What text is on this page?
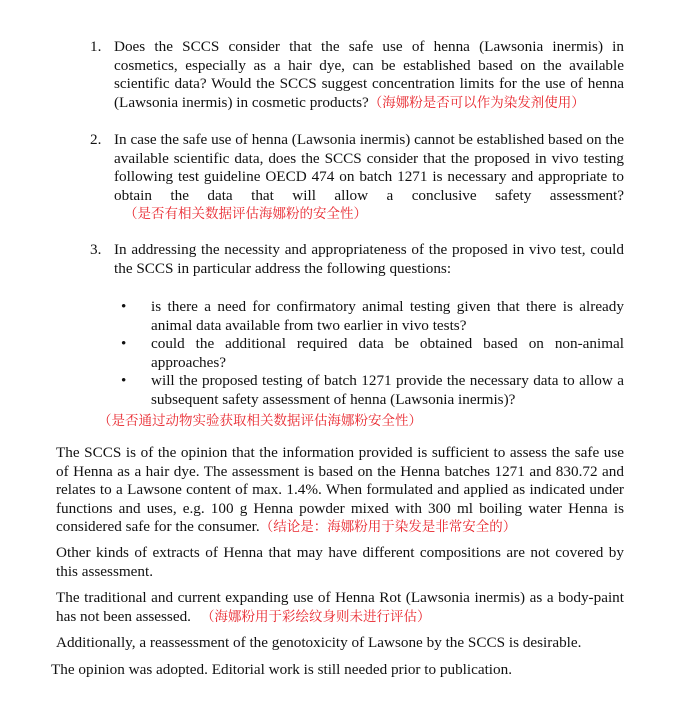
1. Does the SCCS consider that the safe use of henna (Lawsonia inermis) in cosmetics, especially as a hair dye, can be established based on the available scientific data? Would the SCCS suggest concentration limits for the use of henna (Lawsonia inermis) in cosmetic products?（海娜粉是否可以作为染发剂使用）
2. In case the safe use of henna (Lawsonia inermis) cannot be established based on the available scientific data, does the SCCS consider that the proposed in vivo testing following test guideline OECD 474 on batch 1271 is necessary and appropriate to obtain the data that will allow a conclusive safety assessment?（是否有相关数据评估海娜粉的安全性）
3. In addressing the necessity and appropriateness of the proposed in vivo test, could the SCCS in particular address the following questions:
• is there a need for confirmatory animal testing given that there is already animal data available from two earlier in vivo tests?
• could the additional required data be obtained based on non-animal approaches?
• will the proposed testing of batch 1271 provide the necessary data to allow a subsequent safety assessment of henna (Lawsonia inermis)?
（是否通过动物实验获取相关数据评估海娜粉安全性）
The SCCS is of the opinion that the information provided is sufficient to assess the safe use of Henna as a hair dye. The assessment is based on the Henna batches 1271 and 830.72 and relates to a Lawsone content of max. 1.4%. When formulated and applied as indicated under functions and uses, e.g. 100 g Henna powder mixed with 300 ml boiling water Henna is considered safe for the consumer.（结论是：海娜粉用于染发是非常安全的）
Other kinds of extracts of Henna that may have different compositions are not covered by this assessment.
The traditional and current expanding use of Henna Rot (Lawsonia inermis) as a body-paint has not been assessed. （海娜粉用于彩绘纹身则未进行评估）
Additionally, a reassessment of the genotoxicity of Lawsone by the SCCS is desirable.
The opinion was adopted. Editorial work is still needed prior to publication.
